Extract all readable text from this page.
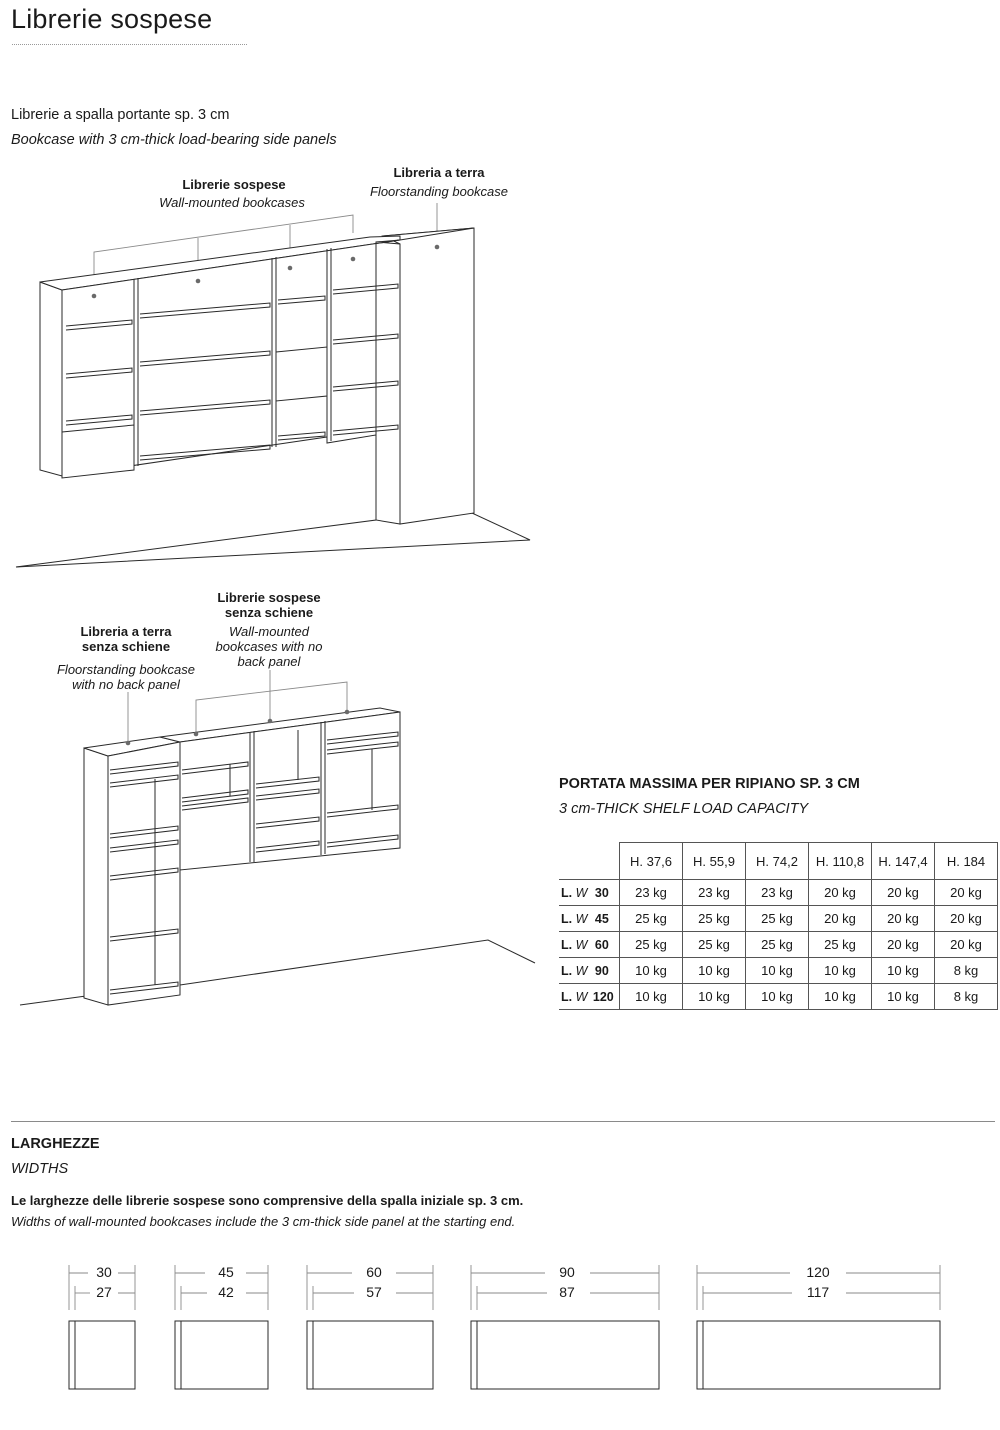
Librerie sospese
Librerie a spalla portante sp. 3 cm
Bookcase with 3 cm-thick load-bearing side panels
Librerie sospese
Wall-mounted bookcases
Libreria a terra
Floorstanding bookcase
Librerie sospese
senza schiene
Wall-mounted
bookcases with no
back panel
Libreria a terra
senza schiene
Floorstanding bookcase
with no back panel
PORTATA MASSIMA PER RIPIANO SP. 3 CM
3 cm-THICK SHELF LOAD CAPACITY
	H. 37,6	H. 55,9	H. 74,2	H. 110,8	H. 147,4	H. 184
L. W 30	23 kg	23 kg	23 kg	20 kg	20 kg	20 kg
L. W 45	25 kg	25 kg	25 kg	20 kg	20 kg	20 kg
L. W 60	25 kg	25 kg	25 kg	25 kg	20 kg	20 kg
L. W 90	10 kg	10 kg	10 kg	10 kg	10 kg	8 kg
L. W 120	10 kg	10 kg	10 kg	10 kg	10 kg	8 kg
LARGHEZZE
WIDTHS
Le larghezze delle librerie sospese sono comprensive della spalla iniziale sp. 3 cm.
Widths of wall-mounted bookcases include the 3 cm-thick side panel at the starting end.
30
27
45
42
60
57
90
87
120
117
